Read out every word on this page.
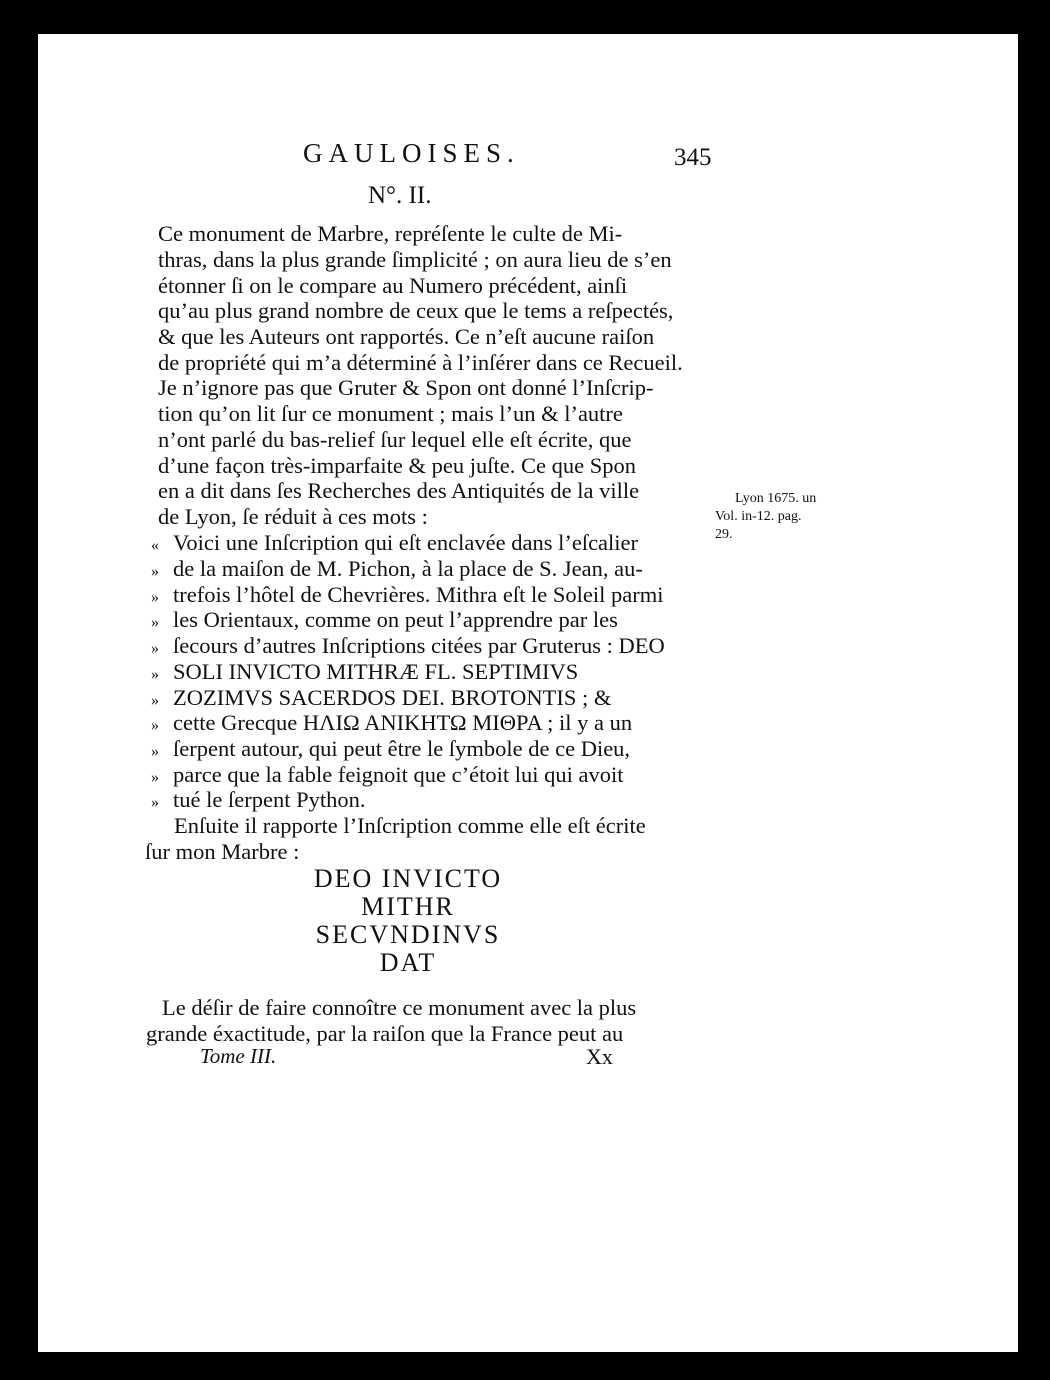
GAULOISES.	345
N°. II.
Ce monument de Marbre, repréſente le culte de Mi-
thras, dans la plus grande ſimplicité ; on aura lieu de s’en
étonner ſi on le compare au Numero précédent, ainſi
qu’au plus grand nombre de ceux que le tems a reſpectés,
& que les Auteurs ont rapportés. Ce n’eſt aucune raiſon
de propriété qui m’a déterminé à l’inſérer dans ce Recueil.
Je n’ignore pas que Gruter & Spon ont donné l’Inſcrip-
tion qu’on lit ſur ce monument ; mais l’un & l’autre
n’ont parlé du bas-relief ſur lequel elle eſt écrite, que
d’une façon très-imparfaite & peu juſte. Ce que Spon
en a dit dans ſes Recherches des Antiquités de la ville
de Lyon, ſe réduit à ces mots :
« Voici une Inſcription qui eſt enclavée dans l’eſcalier
» de la maiſon de M. Pichon, à la place de S. Jean, au-
» trefois l’hôtel de Chevrières. Mithra eſt le Soleil parmi
» les Orientaux, comme on peut l’apprendre par les
» ſecours d’autres Inſcriptions citées par Gruterus : DEO
» SOLI INVICTO MITHRÆ FL. SEPTIMIVS
» ZOZIMVS SACERDOS DEI. BROTONTIS ; &
» cette Grecque ΗΛΙΩ ΑΝΙΚΗΤΩ ΜΙΘΡΑ ; il y a un
» ſerpent autour, qui peut être le ſymbole de ce Dieu,
» parce que la fable feignoit que c’étoit lui qui avoit
» tué le ſerpent Python.
Enſuite il rapporte l’Inſcription comme elle eſt écrite
ſur mon Marbre :
DEO INVICTO
MITHR
SECVNDINVS
DAT
Le déſir de faire connoître ce monument avec la plus
grande éxactitude, par la raiſon que la France peut au
Lyon 1675. un
Vol. in-12. pag.
29.
Tome III.	Xx
